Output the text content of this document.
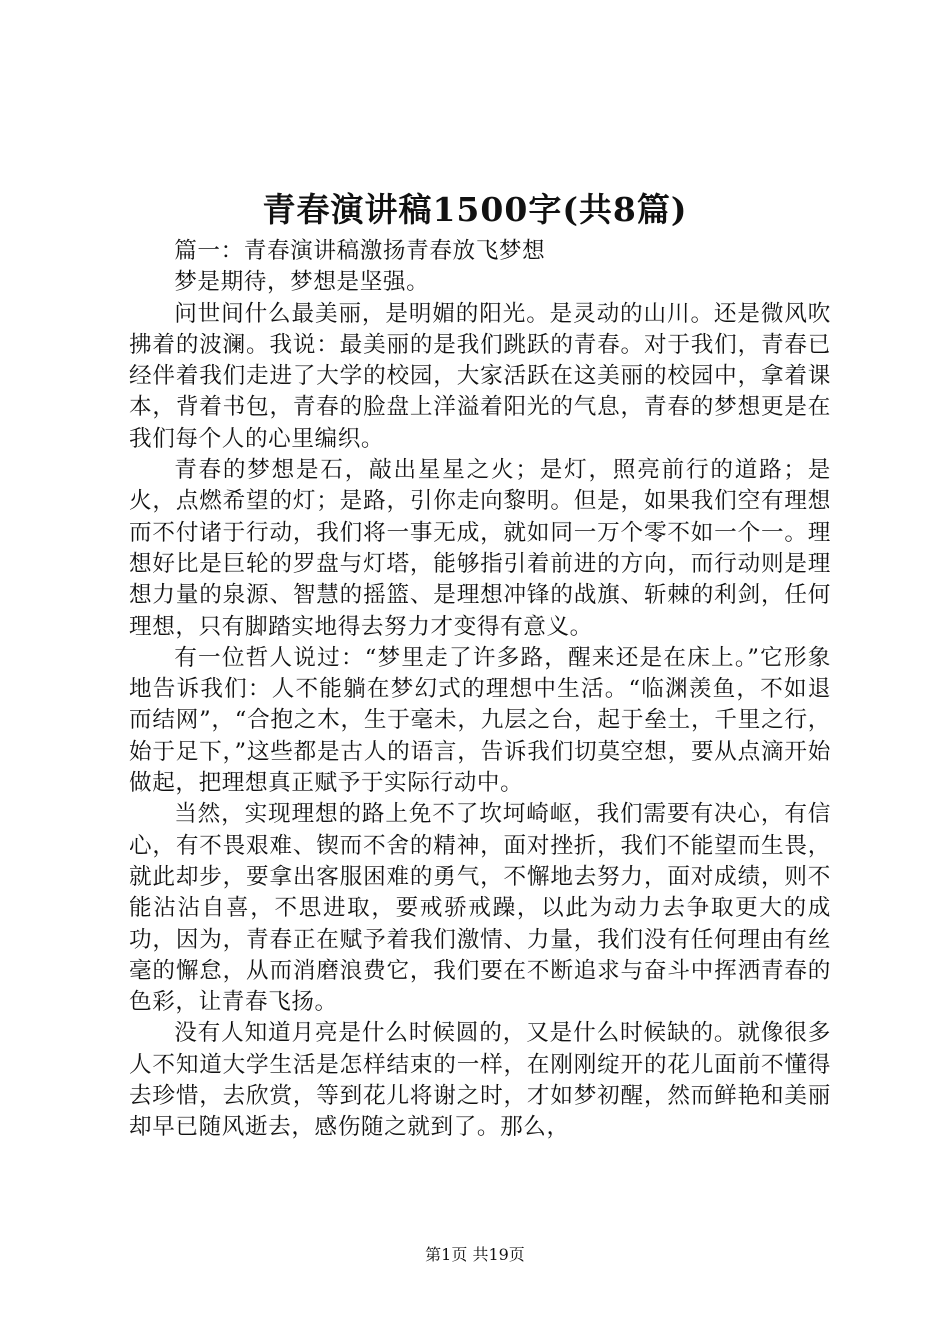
青春演讲稿1500字(共8篇)

篇一：青春演讲稿激扬青春放飞梦想

梦是期待，梦想是坚强。

问世间什么最美丽，是明媚的阳光。是灵动的山川。还是微风吹拂着的波澜。我说：最美丽的是我们跳跃的青春。对于我们，青春已经伴着我们走进了大学的校园，大家活跃在这美丽的校园中，拿着课本，背着书包，青春的脸盘上洋溢着阳光的气息，青春的梦想更是在我们每个人的心里编织。

青春的梦想是石，敲出星星之火；是灯，照亮前行的道路；是火，点燃希望的灯；是路，引你走向黎明。但是，如果我们空有理想而不付诸于行动，我们将一事无成，就如同一万个零不如一个一。理想好比是巨轮的罗盘与灯塔，能够指引着前进的方向，而行动则是理想力量的泉源、智慧的摇篮、是理想冲锋的战旗、斩棘的利剑，任何理想，只有脚踏实地得去努力才变得有意义。

有一位哲人说过：“梦里走了许多路，醒来还是在床上。”它形象地告诉我们：人不能躺在梦幻式的理想中生活。“临渊羡鱼，不如退而结网”，“合抱之木，生于毫未，九层之台，起于垒土，千里之行，始于足下，”这些都是古人的语言，告诉我们切莫空想，要从点滴开始做起，把理想真正赋予于实际行动中。

当然，实现理想的路上免不了坎坷崎岖，我们需要有决心，有信心，有不畏艰难、锲而不舍的精神，面对挫折，我们不能望而生畏，就此却步，要拿出客服困难的勇气，不懈地去努力，面对成绩，则不能沾沾自喜，不思进取，要戒骄戒躁，以此为动力去争取更大的成功，因为，青春正在赋予着我们激情、力量，我们没有任何理由有丝毫的懈怠，从而消磨浪费它，我们要在不断追求与奋斗中挥洒青春的色彩，让青春飞扬。

没有人知道月亮是什么时候圆的，又是什么时候缺的。就像很多人不知道大学生活是怎样结束的一样，在刚刚绽开的花儿面前不懂得去珍惜，去欣赏，等到花儿将谢之时，才如梦初醒，然而鲜艳和美丽却早已随风逝去，感伤随之就到了。那么，

第1页 共19页
